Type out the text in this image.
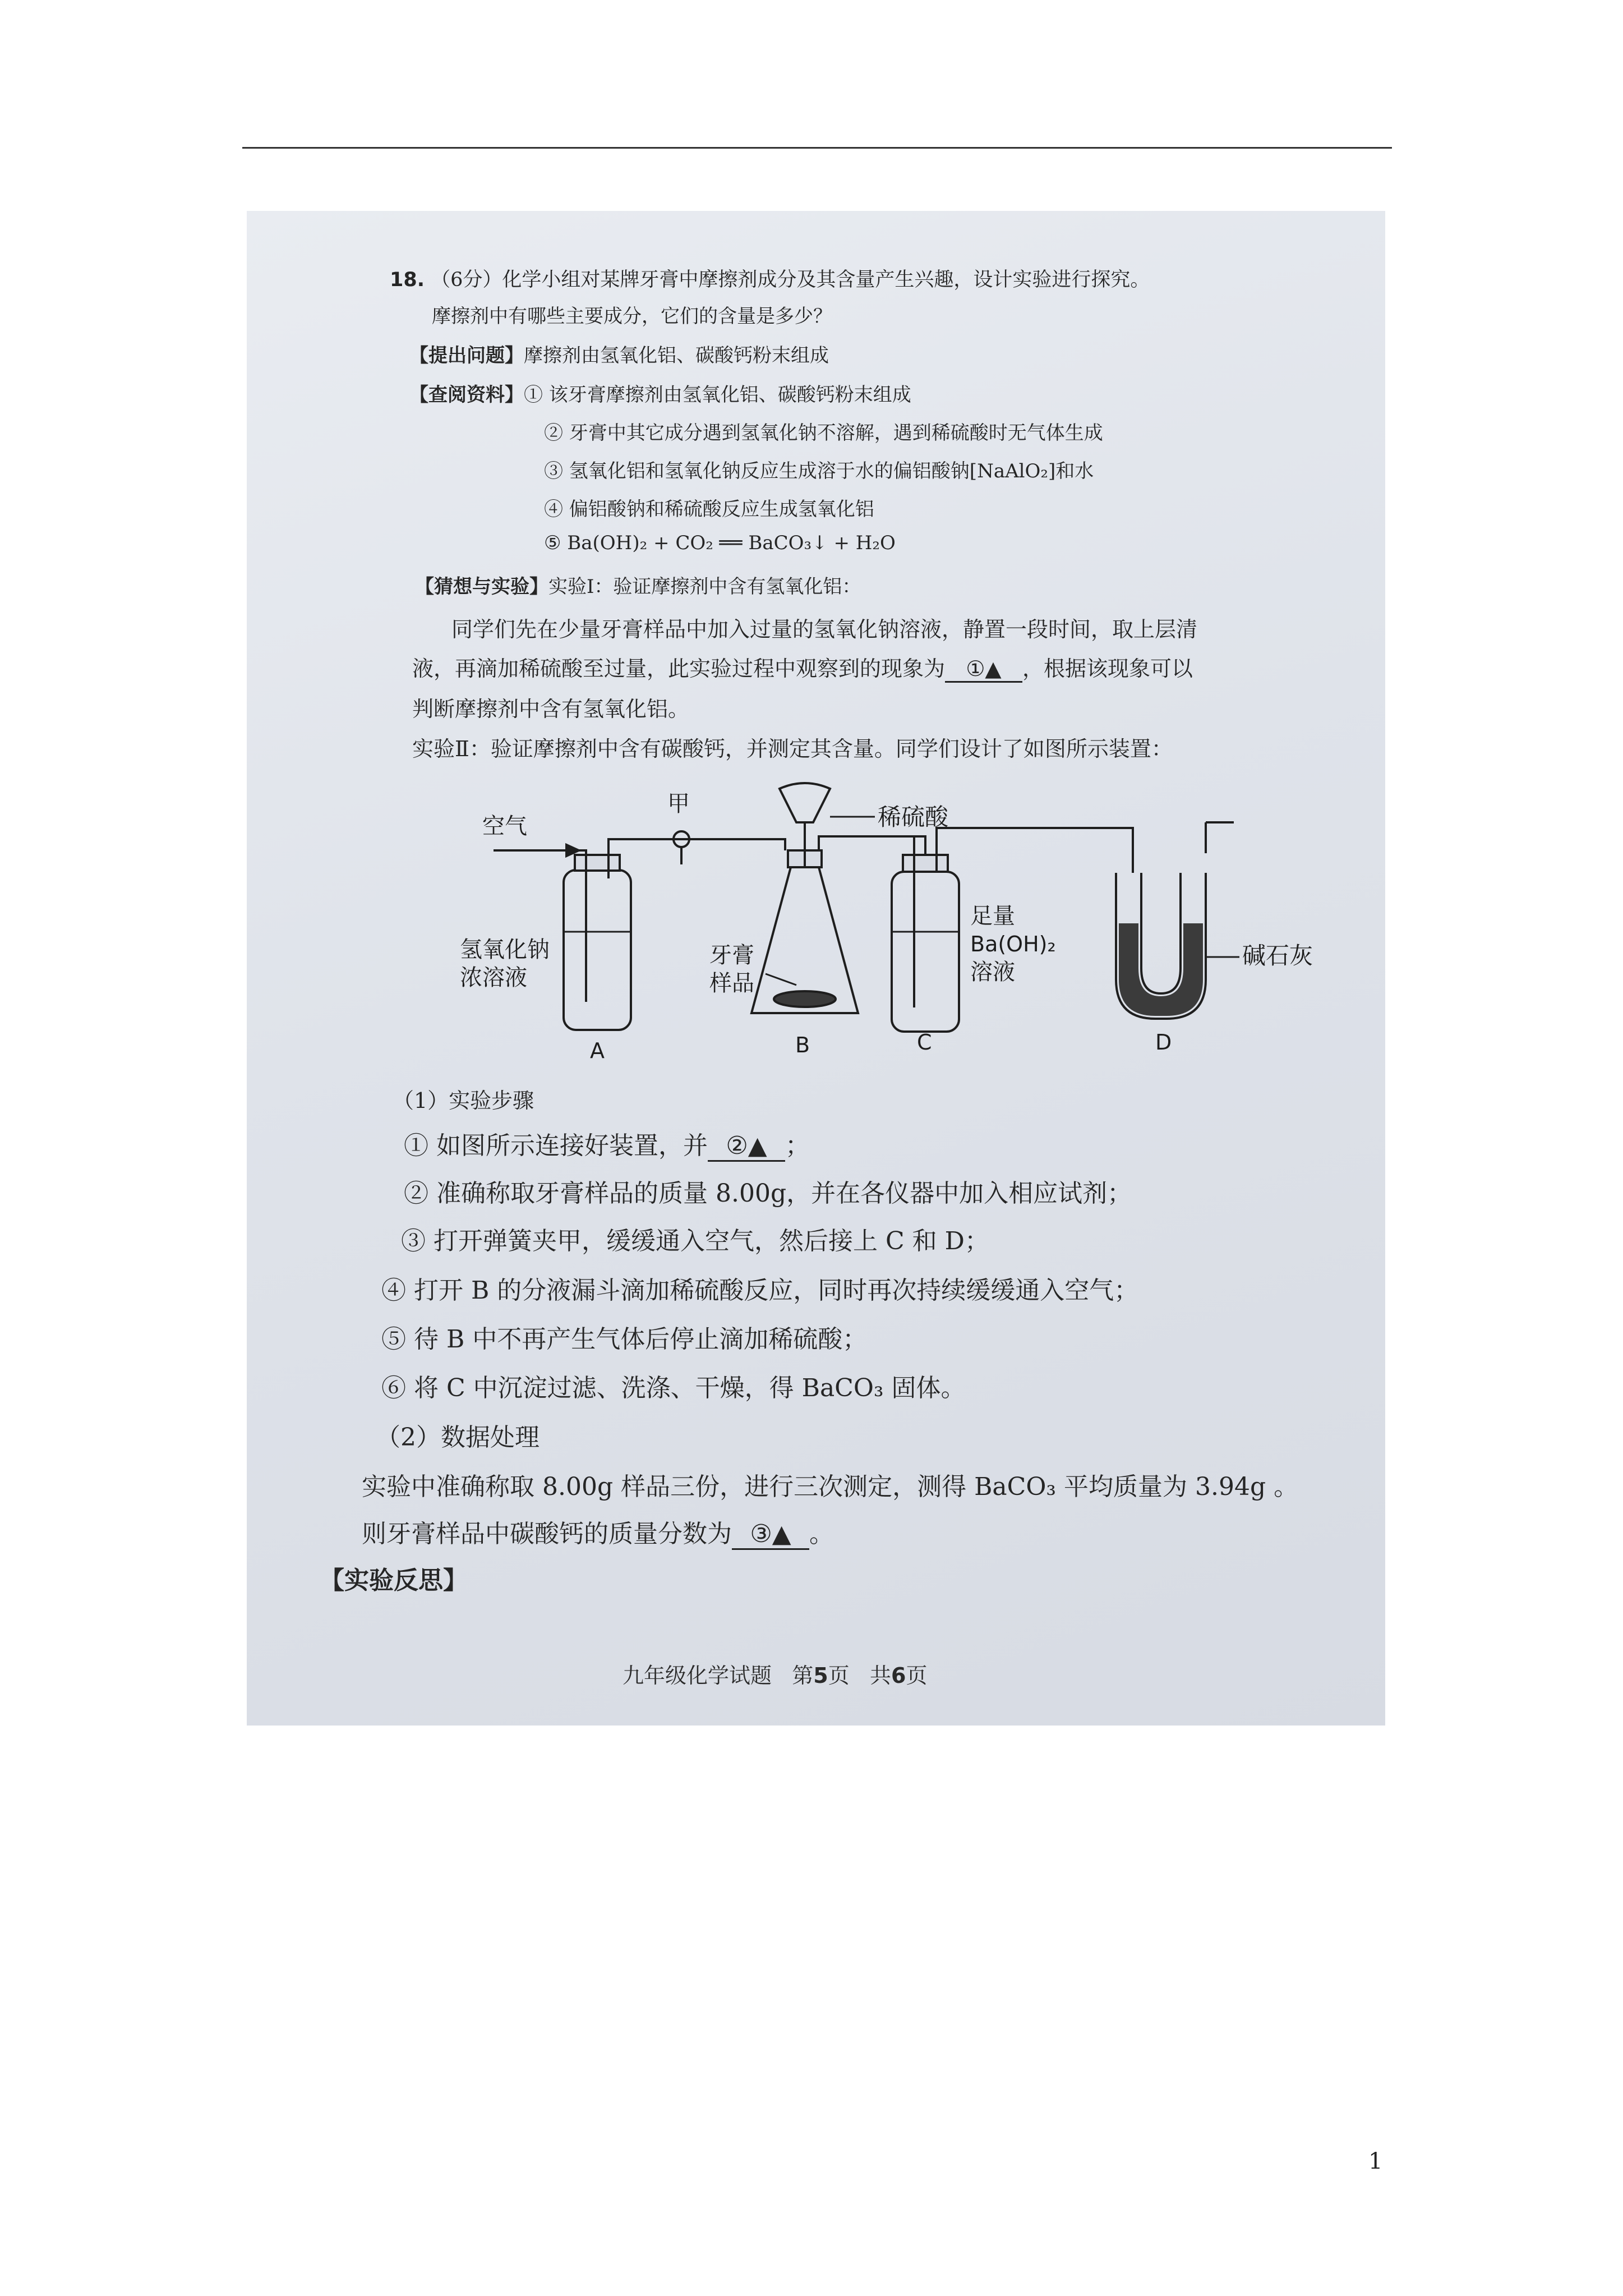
18. （6分）化学小组对某牌牙膏中摩擦剂成分及其含量产生兴趣，设计实验进行探究。
摩擦剂中有哪些主要成分，它们的含量是多少？
【提出问题】摩擦剂由氢氧化铝、碳酸钙粉末组成
【查阅资料】① 该牙膏摩擦剂由氢氧化铝、碳酸钙粉末组成
② 牙膏中其它成分遇到氢氧化钠不溶解，遇到稀硫酸时无气体生成
③ 氢氧化铝和氢氧化钠反应生成溶于水的偏铝酸钠[NaAlO₂]和水
④ 偏铝酸钠和稀硫酸反应生成氢氧化铝
⑤ Ba(OH)₂ + CO₂ ══ BaCO₃↓ + H₂O
【猜想与实验】实验Ⅰ：验证摩擦剂中含有氢氧化铝：
同学们先在少量牙膏样品中加入过量的氢氧化钠溶液，静置一段时间，取上层清
液，再滴加稀硫酸至过量，此实验过程中观察到的现象为 ①▲ ，根据该现象可以
判断摩擦剂中含有氢氧化铝。
实验Ⅱ：验证摩擦剂中含有碳酸钙，并测定其含量。同学们设计了如图所示装置：
空气
甲	稀硫酸
氢氧化钠
浓溶液
牙膏
样品
足量
Ba(OH)₂
溶液
碱石灰
A	B	C	D
（1）实验步骤
① 如图所示连接好装置，并 ②▲ ；
② 准确称取牙膏样品的质量 8.00g，并在各仪器中加入相应试剂；
③ 打开弹簧夹甲，缓缓通入空气，然后接上 C 和 D；
④ 打开 B 的分液漏斗滴加稀硫酸反应，同时再次持续缓缓通入空气；
⑤ 待 B 中不再产生气体后停止滴加稀硫酸；
⑥ 将 C 中沉淀过滤、洗涤、干燥，得 BaCO₃ 固体。
（2）数据处理
实验中准确称取 8.00g 样品三份，进行三次测定，测得 BaCO₃ 平均质量为 3.94g 。
则牙膏样品中碳酸钙的质量分数为 ③▲ 。
【实验反思】
九年级化学试题 第5页 共6页
1
